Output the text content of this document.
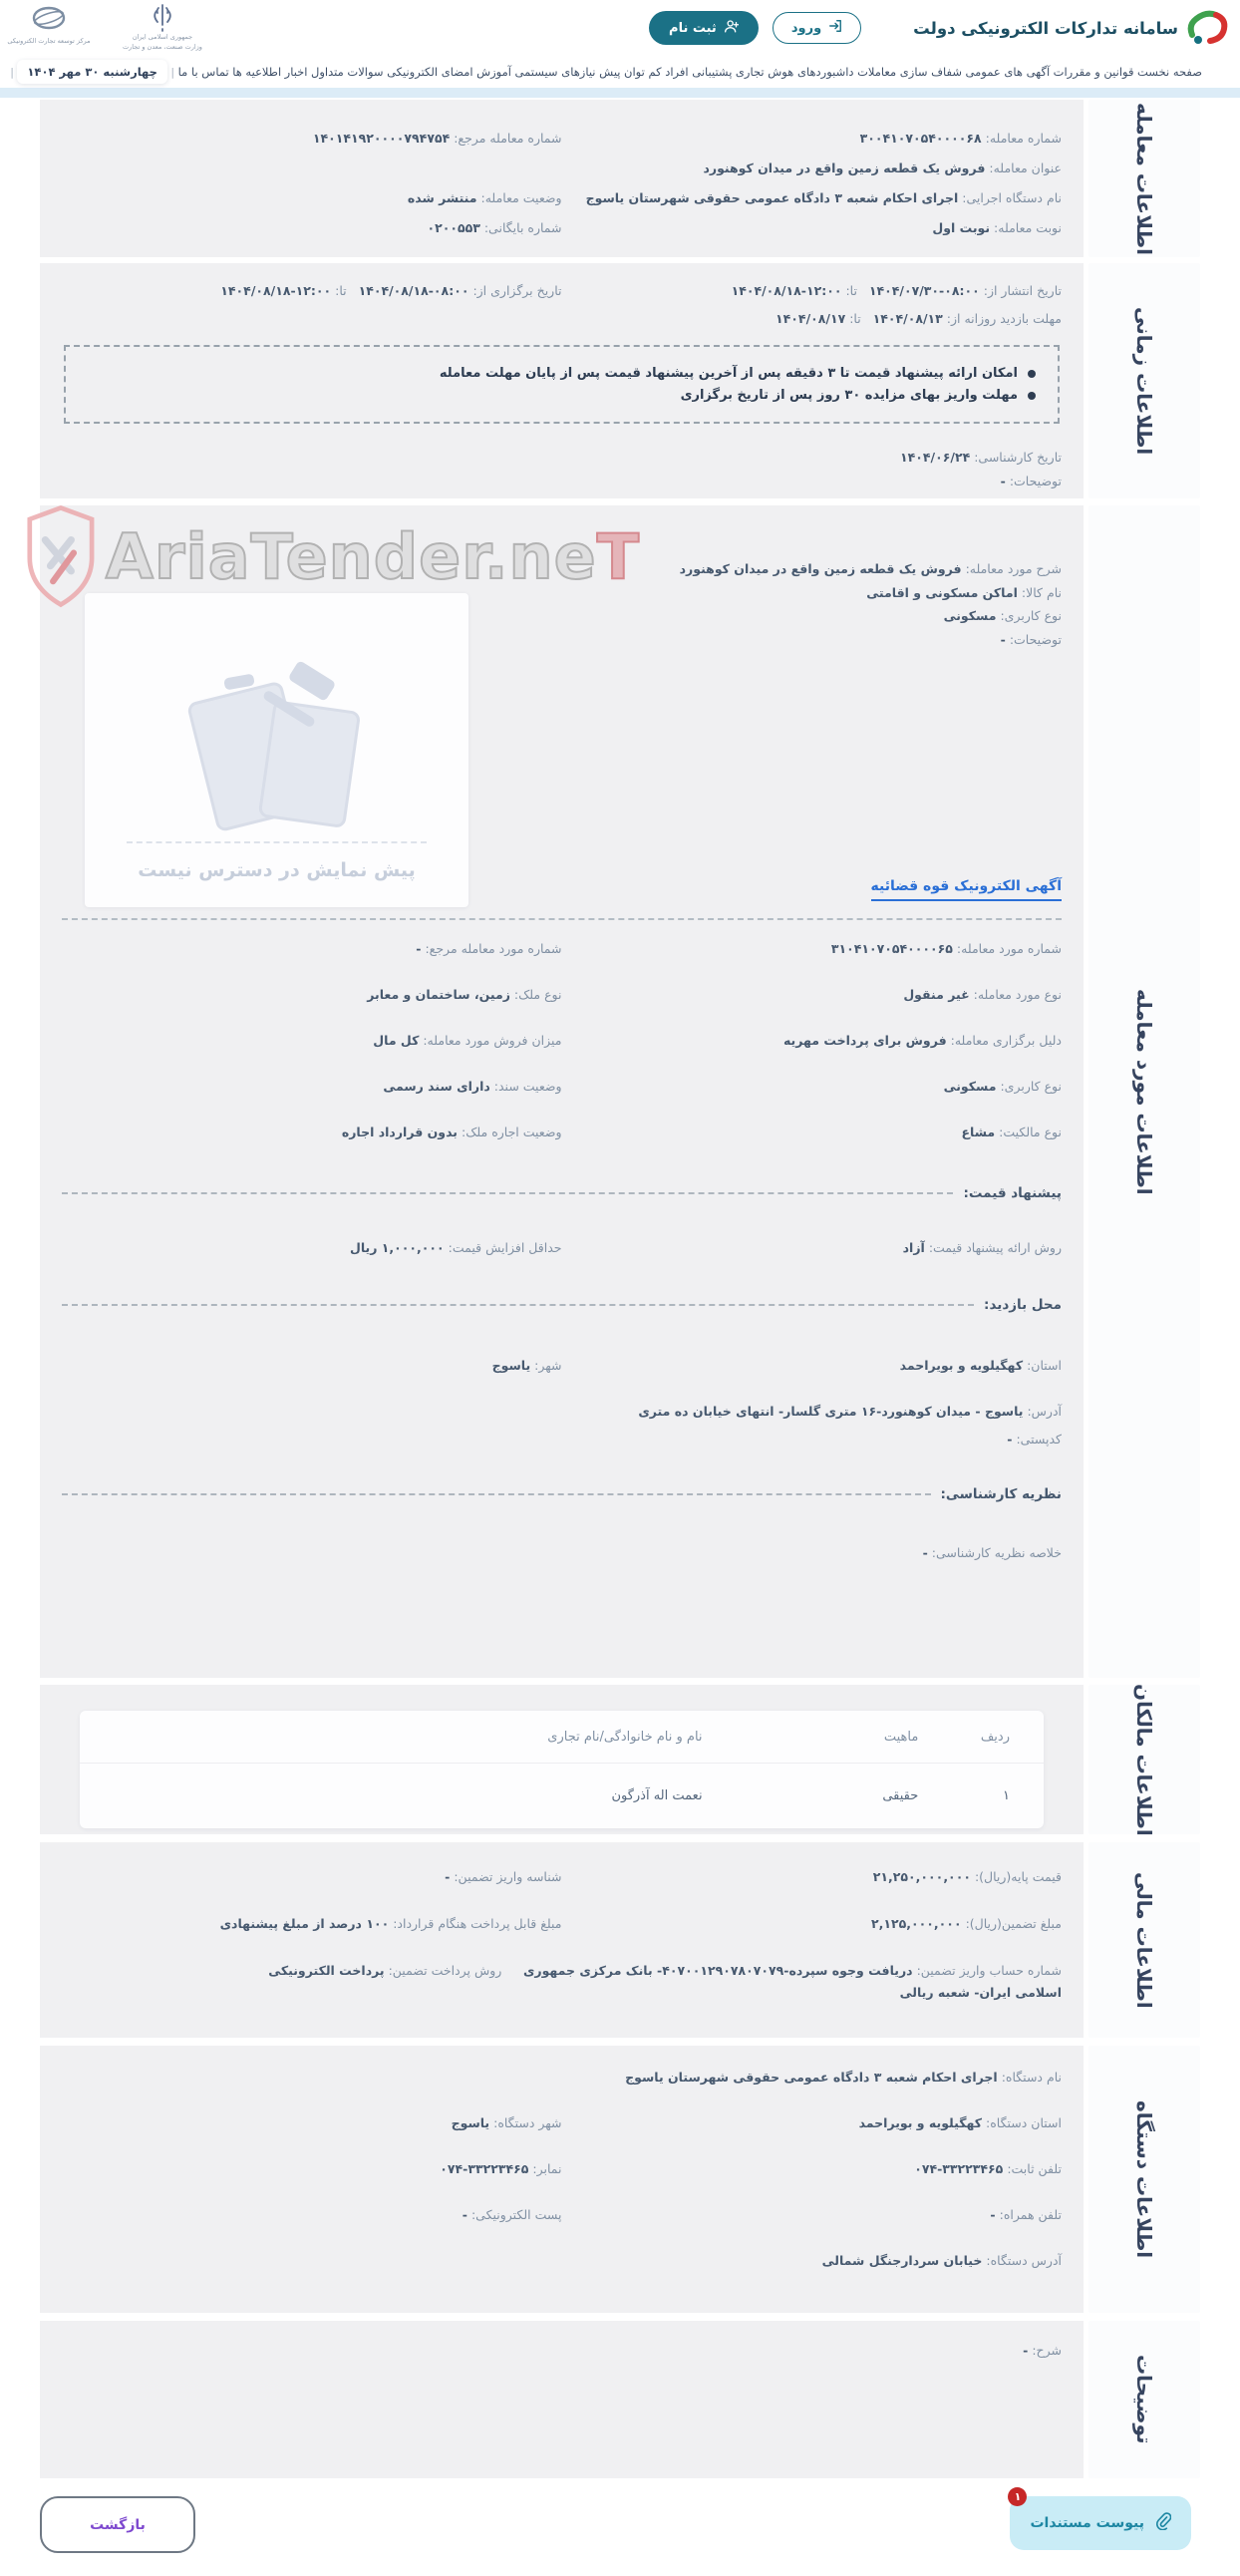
سامانه تدارکات الکترونیکی دولت
ورود
ثبت نام
مرکز توسعه تجارت الکترونیکی	جمهوری اسلامی ایران
وزارت صنعت، معدن و تجارت
صفحه نخست
قوانین و مقررات
آگهی های عمومی
شفاف سازی معاملات
داشبوردهای هوش تجاری
پشتیبانی افراد کم توان
پیش نیازهای سیستمی
آموزش
امضای الکترونیکی
سوالات متداول
اخبار
اطلاعیه ها
تماس با ما
|
چهارشنبه ۳۰ مهر ۱۴۰۴
|
اطلاعات معامله
شماره معامله: ۳۰۰۴۱۰۷۰۵۴۰۰۰۰۶۸
شماره معامله مرجع: ۱۴۰۱۴۱۹۲۰۰۰۰۷۹۴۷۵۴
عنوان معامله: فروش یک قطعه زمین واقع در میدان کوهنورد
نام دستگاه اجرایی: اجرای احکام شعبه ۳ دادگاه عمومی حقوقی شهرستان یاسوج
وضعیت معامله: منتشر شده
نوبت معامله: نوبت اول
شماره بایگانی: ۰۲۰۰۵۵۳
اطلاعات زمانی
تاریخ انتشار از: ۱۴۰۴/۰۷/۳۰-۰۸:۰۰   تا: ۱۴۰۴/۰۸/۱۸-۱۲:۰۰
تاریخ برگزاری از: ۱۴۰۴/۰۸/۱۸-۰۸:۰۰   تا: ۱۴۰۴/۰۸/۱۸-۱۲:۰۰
مهلت بازدید روزانه از: ۱۴۰۴/۰۸/۱۳   تا: ۱۴۰۴/۰۸/۱۷
امکان ارائه پیشنهاد قیمت تا ۳ دقیقه پس از آخرین پیشنهاد قیمت پس از پایان مهلت معامله
مهلت واریز بهای مزایده ۳۰ روز پس از تاریخ برگزاری
تاریخ کارشناسی: ۱۴۰۴/۰۶/۲۴
توضیحات: -
AriaTender.neT
اطلاعات مورد معامله
شرح مورد معامله: فروش یک قطعه زمین واقع در میدان کوهنورد
نام کالا: اماکن مسکونی و اقامتی
نوع کاربری: مسکونی
توضیحات: -
پیش نمایش در دسترس نیست
آگهی الکترونیک قوه قضائیه
شماره مورد معامله: ۳۱۰۴۱۰۷۰۵۴۰۰۰۰۶۵
شماره مورد معامله مرجع: -
نوع مورد معامله: غیر منقول
نوع ملک: زمین، ساختمان و معابر
دلیل برگزاری معامله: فروش برای پرداخت مهریه
میزان فروش مورد معامله: کل مال
نوع کاربری: مسکونی
وضعیت سند: دارای سند رسمی
نوع مالکیت: مشاع
وضعیت اجاره ملک: بدون قرارداد اجاره
پیشنهاد قیمت:
روش ارائه پیشنهاد قیمت: آزاد
حداقل افزایش قیمت: ۱,۰۰۰,۰۰۰ ریال
محل بازدید:
استان: کهگیلویه و بویراحمد
شهر: یاسوج
آدرس: یاسوج - میدان کوهنورد-۱۶ متری گلسار- انتهای خیابان ده متری
کدپستی: -
نظریه کارشناسی:
خلاصه نظریه کارشناسی: -
اطلاعات مالکان
ردیف
ماهیت
نام و نام خانوادگی/نام تجاری
۱
حقیقی
نعمت اله آذرگون
اطلاعات مالی
قیمت پایه(ریال): ۲۱,۲۵۰,۰۰۰,۰۰۰
شناسه واریز تضمین: -
مبلغ تضمین(ریال): ۲,۱۲۵,۰۰۰,۰۰۰
مبلغ قابل پرداخت هنگام قرارداد: ۱۰۰ درصد از مبلغ پیشنهادی
شماره حساب واریز تضمین: دریافت وجوه سپرده-۴۰۷۰۰۱۲۹۰۷۸۰۷۰۷۹- بانک مرکزی جمهوری اسلامی ایران- شعبه ریالی
روش پرداخت تضمین: پرداخت الکترونیکی
اطلاعات دستگاه
نام دستگاه: اجرای احکام شعبه ۳ دادگاه عمومی حقوقی شهرستان یاسوج
استان دستگاه: کهگیلویه و بویراحمد
شهر دستگاه: یاسوج
تلفن ثابت: ۰۷۴-۳۳۲۲۳۴۶۵
نمابر: ۰۷۴-۳۳۲۲۳۴۶۵
تلفن همراه: -
پست الکترونیکی: -
آدرس دستگاه: خیابان سردارجنگل شمالی
توضیحات
شرح: -
۱
پیوست مستندات
بازگشت
